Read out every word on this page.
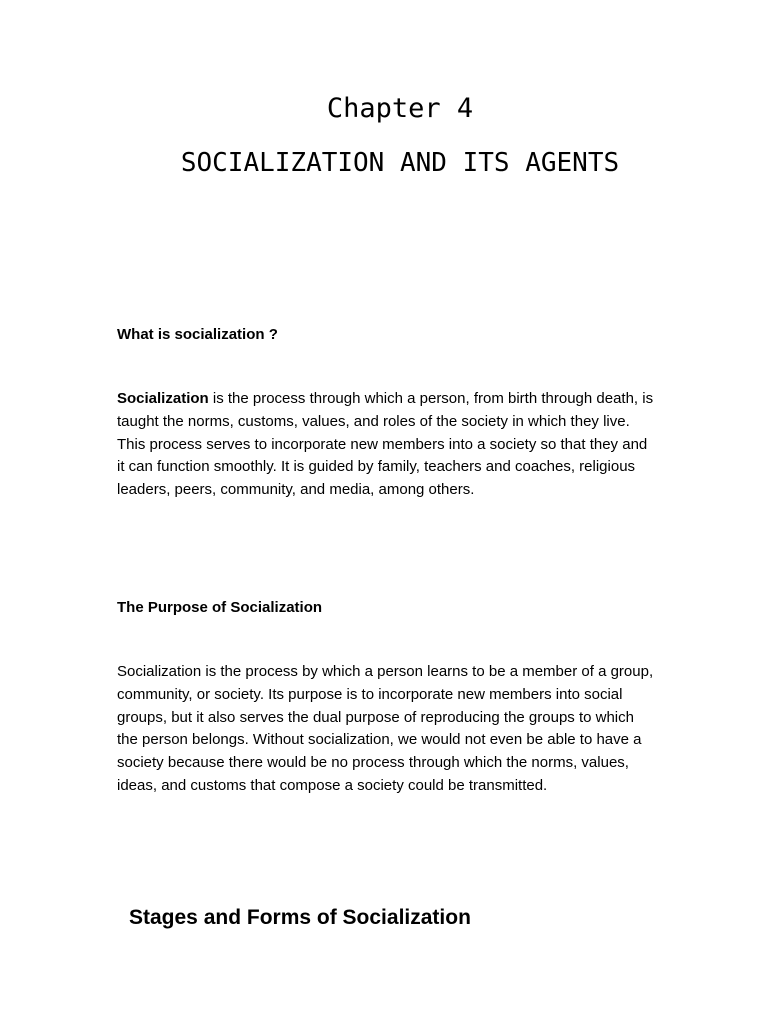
Chapter 4
SOCIALIZATION AND ITS AGENTS
What is socialization ?

Socialization is the process through which a person, from birth through death, is taught the norms, customs, values, and roles of the society in which they live. This process serves to incorporate new members into a society so that they and it can function smoothly. It is guided by family, teachers and coaches, religious leaders, peers, community, and media, among others.

The Purpose of Socialization

Socialization is the process by which a person learns to be a member of a group, community, or society. Its purpose is to incorporate new members into social groups, but it also serves the dual purpose of reproducing the groups to which the person belongs. Without socialization, we would not even be able to have a society because there would be no process through which the norms, values, ideas, and customs that compose a society could be transmitted.

Stages and Forms of Socialization
